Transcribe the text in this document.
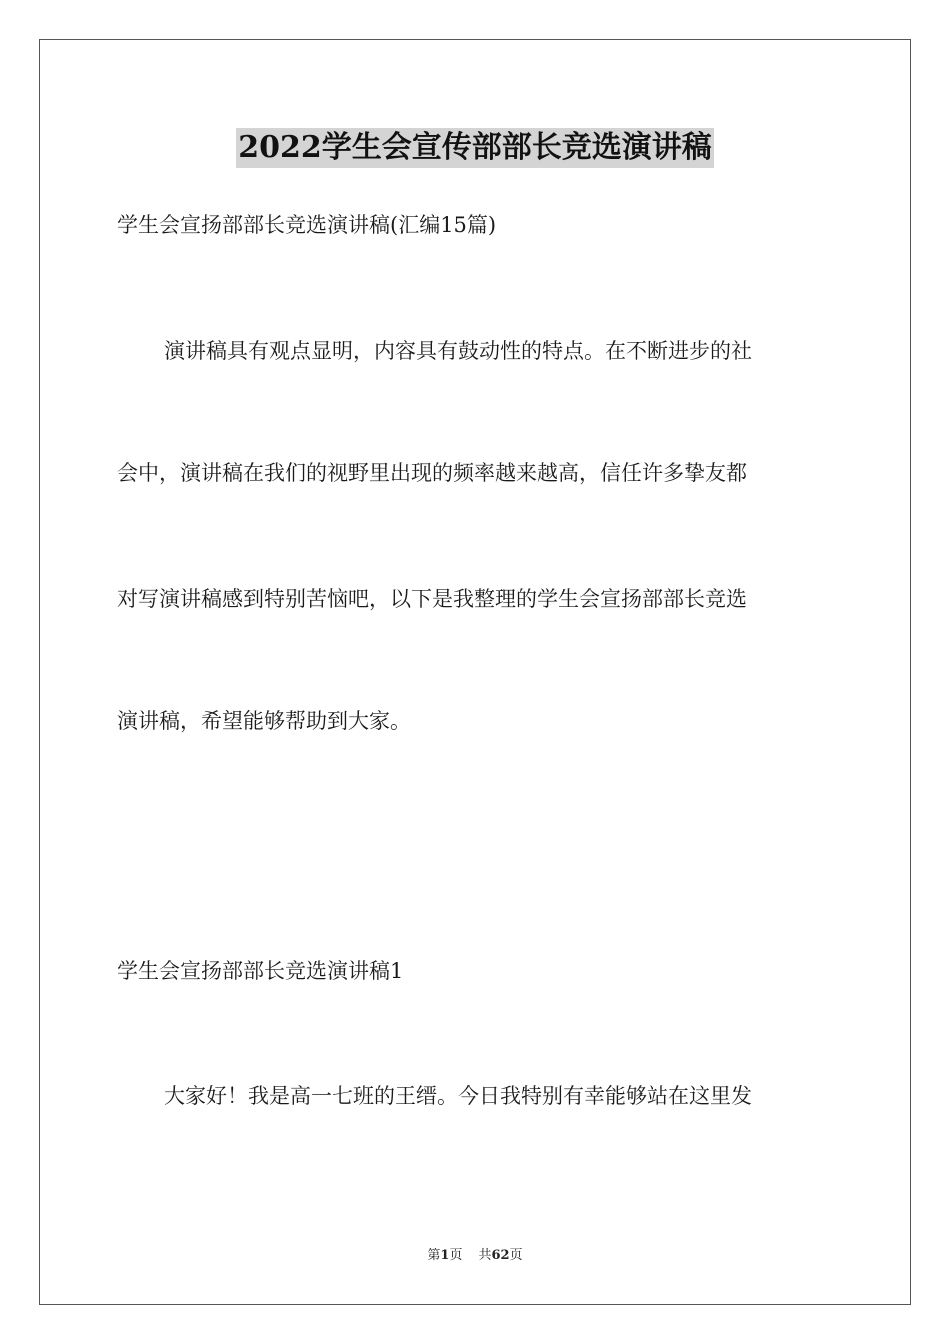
2022学生会宣传部部长竞选演讲稿
学生会宣扬部部长竞选演讲稿(汇编15篇)
演讲稿具有观点显明，内容具有鼓动性的特点。在不断进步的社
会中，演讲稿在我们的视野里出现的频率越来越高，信任许多挚友都
对写演讲稿感到特别苦恼吧，以下是我整理的学生会宣扬部部长竞选
演讲稿，希望能够帮助到大家。
学生会宣扬部部长竞选演讲稿1
大家好！我是高一七班的王缙。今日我特别有幸能够站在这里发
第1页 共62页
